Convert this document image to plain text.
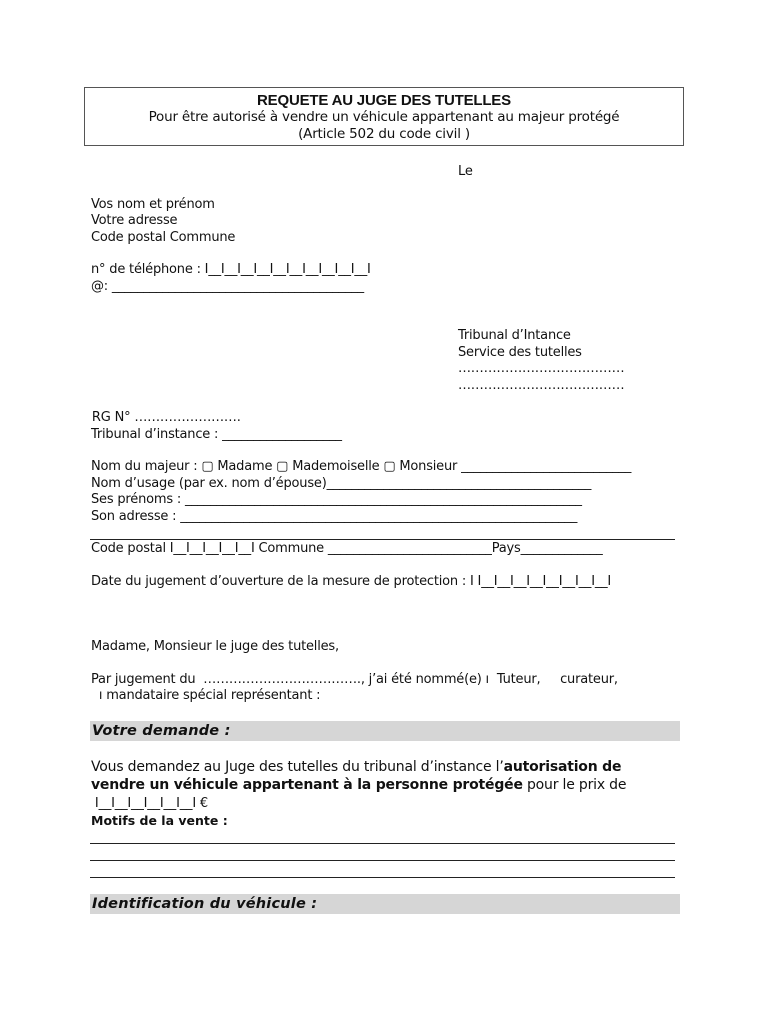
REQUETE AU JUGE DES TUTELLES
Pour être autorisé à vendre un véhicule appartenant au majeur protégé
(Article 502 du code civil )
Le
Vos nom et prénom
Votre adresse
Code postal Commune
n° de téléphone : I__I__I__I__I__I__I__I__I__I__I
@: ________________________________________
Tribunal d’Intance
Service des tutelles
…………………………………
…………………………………
RG N° …………………….
Tribunal d’instance : ___________________
Nom du majeur : ▢ Madame ▢ Mademoiselle ▢ Monsieur ___________________________
Nom d’usage (par ex. nom d’épouse)__________________________________________
Ses prénoms : _______________________________________________________________
Son adresse : _______________________________________________________________
Code postal I__I__I__I__I__I Commune __________________________Pays_____________
Date du jugement d’ouverture de la mesure de protection : I I__I__I__I__I__I__I__I__I
Madame, Monsieur le juge des tutelles,
Par jugement du  ………………………………., j’ai été nommé(e) ı  Tuteur,     curateur,
ı mandataire spécial représentant :
Votre demande :
Vous demandez au Juge des tutelles du tribunal d’instance l’autorisation de
vendre un véhicule appartenant à la personne protégée pour le prix de
I__I__I__I__I__I__I €
Motifs de la vente :
Identification du véhicule :
